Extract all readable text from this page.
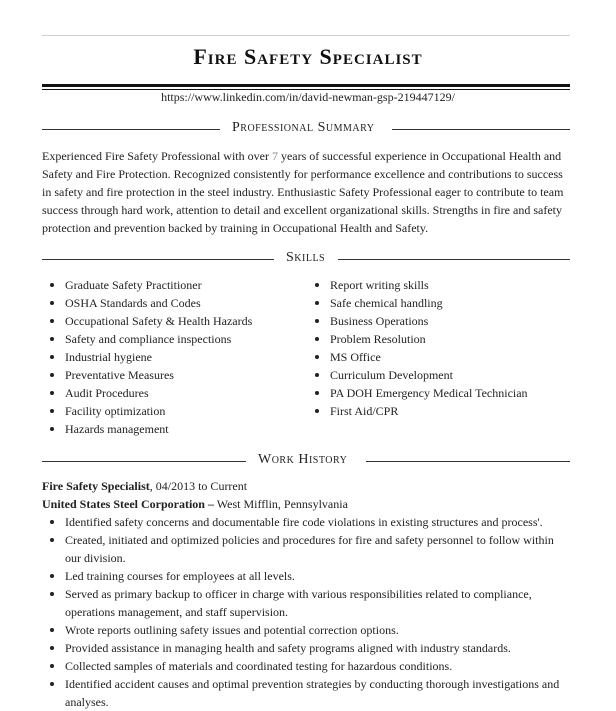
Fire Safety Specialist
https://www.linkedin.com/in/david-newman-gsp-219447129/
Professional Summary
Experienced Fire Safety Professional with over 7 years of successful experience in Occupational Health and Safety and Fire Protection. Recognized consistently for performance excellence and contributions to success in safety and fire protection in the steel industry. Enthusiastic Safety Professional eager to contribute to team success through hard work, attention to detail and excellent organizational skills. Strengths in fire and safety protection and prevention backed by training in Occupational Health and Safety.
Skills
Graduate Safety Practitioner
OSHA Standards and Codes
Occupational Safety & Health Hazards
Safety and compliance inspections
Industrial hygiene
Preventative Measures
Audit Procedures
Facility optimization
Hazards management
Report writing skills
Safe chemical handling
Business Operations
Problem Resolution
MS Office
Curriculum Development
PA DOH Emergency Medical Technician
First Aid/CPR
Work History
Fire Safety Specialist, 04/2013 to Current
United States Steel Corporation – West Mifflin, Pennsylvania
Identified safety concerns and documentable fire code violations in existing structures and process'.
Created, initiated and optimized policies and procedures for fire and safety personnel to follow within our division.
Led training courses for employees at all levels.
Served as primary backup to officer in charge with various responsibilities related to compliance, operations management, and staff supervision.
Wrote reports outlining safety issues and potential correction options.
Provided assistance in managing health and safety programs aligned with industry standards.
Collected samples of materials and coordinated testing for hazardous conditions.
Identified accident causes and optimal prevention strategies by conducting thorough investigations and analyses.
